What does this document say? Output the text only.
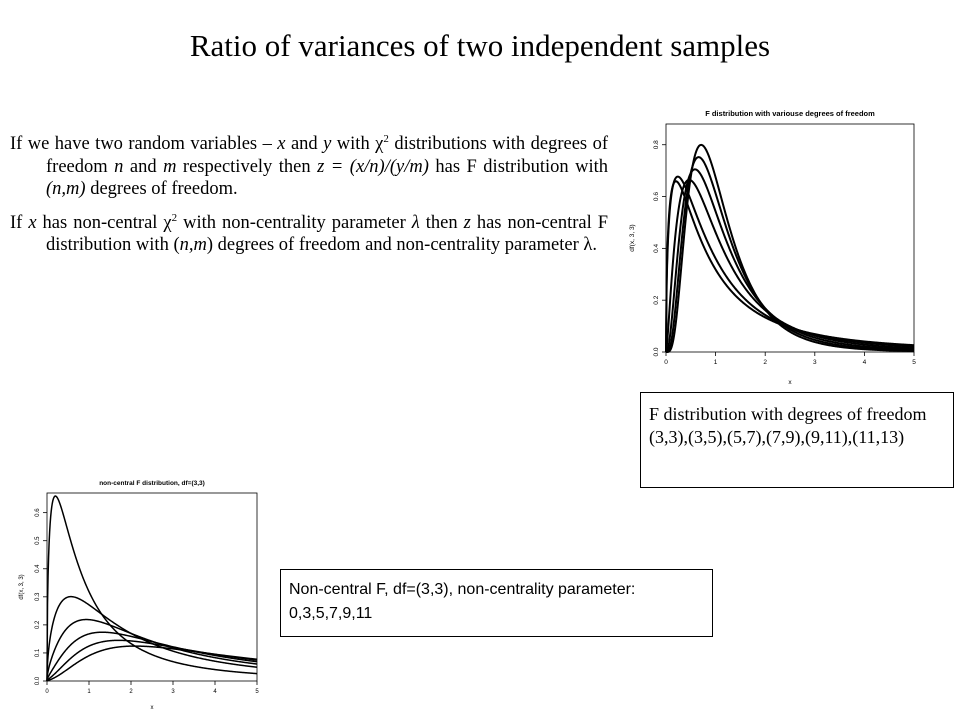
Ratio of variances of two independent samples

If we have two random variables – x and y with $\chi^2$ distributions with degrees of freedom n and m respectively then z = (x/n)/(y/m) has F distribution with (n,m) degrees of freedom.

If x has non-central $\chi^2$ with non-centrality parameter λ then z has non-central F distribution with (n,m) degrees of freedom and non-centrality parameter λ.

F distribution with variouse degrees of freedom
0	1	2	3	4	5
0.0
0.2
0.4
0.6
0.8
x
df(x, 3, 3)
non-central F distribution, df=(3,3)
0	1	2	3	4	5
0.0
0.1
0.2
0.3
0.4
0.5
0.6
x
df(x, 3, 3)
F distribution with degrees of freedom (3,3),(3,5),(5,7),(7,9),(9,11),(11,13)
Non-central F, df=(3,3), non-centrality parameter: 0,3,5,7,9,11
